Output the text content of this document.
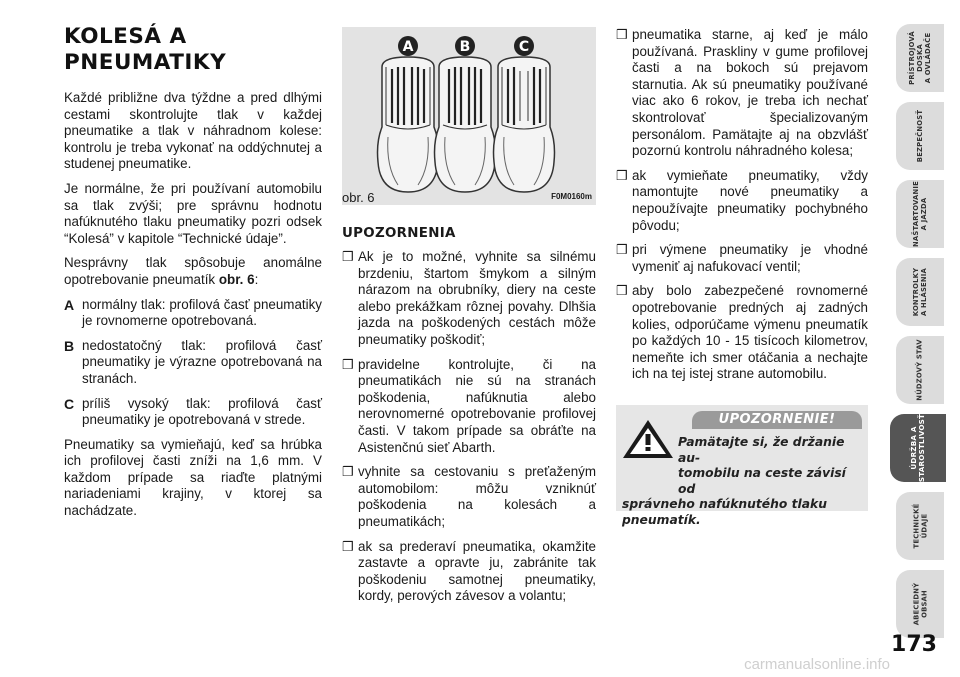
KOLESÁ A
PNEUMATIKY

Každé približne dva týždne a pred dlhými cestami skontrolujte tlak v každej pneumatike a tlak v náhradnom kolese: kontrolu je treba vykonať na oddýchnutej a studenej pneumatike.

Je normálne, že pri používaní automobilu sa tlak zvýši; pre správnu hodnotu nafúknutého tlaku pneumatiky pozri odsek “Kolesá” v kapitole “Technické údaje”.

Nesprávny tlak spôsobuje anomálne opotrebovanie pneumatík obr. 6:

A normálny tlak: profilová časť pneumatiky je rovnomerne opotrebovaná.
B nedostatočný tlak: profilová časť pneumatiky je výrazne opotrebovaná na stranách.
C príliš vysoký tlak: profilová časť pneumatiky je opotrebovaná v strede.

Pneumatiky sa vymieňajú, keď sa hrúbka ich profilovej časti zníži na 1,6 mm. V každom prípade sa riaďte platnými nariadeniami krajiny, v ktorej sa nachádzate.

A	B	C
obr. 6	F0M0160m
UPOZORNENIA
❒ Ak je to možné, vyhnite sa silnému brzdeniu, štartom šmykom a silným nárazom na obrubníky, diery na ceste alebo prekážkam rôznej povahy. Dlhšia jazda na poškodených cestách môže pneumatiky poškodiť;
❒ pravidelne kontrolujte, či na pneumatikách nie sú na stranách poškodenia, nafúknutia alebo nerovnomerné opotrebovanie profilovej časti. V takom prípade sa obráťte na Asistenčnú sieť Abarth.
❒ vyhnite sa cestovaniu s preťaženým automobilom: môžu vzniknúť poškodenia na kolesách a pneumatikách;
❒ ak sa prederaví pneumatika, okamžite zastavte a opravte ju, zabránite tak poškodeniu samotnej pneumatiky, kordy, perových závesov a volantu;
❒ pneumatika starne, aj keď je málo používaná. Praskliny v gume profilovej časti a na bokoch sú prejavom starnutia. Ak sú pneumatiky používané viac ako 6 rokov, je treba ich nechať skontrolovať špecializovaným personálom. Pamätajte aj na obzvlášť pozornú kontrolu náhradného kolesa;
❒ ak vymieňate pneumatiky, vždy namontujte nové pneumatiky a nepoužívajte pneumatiky pochybného pôvodu;
❒ pri výmene pneumatiky je vhodné vymeniť aj nafukovací ventil;
❒ aby bolo zabezpečené rovnomerné opotrebovanie predných aj zadných kolies, odporúčame výmenu pneumatík po každých 10 - 15 tisícoch kilometrov, nemeňte ich smer otáčania a nechajte ich na tej istej strane automobilu.
UPOZORNENIE!
Pamätajte si, že držanie au-
tomobilu na ceste závisí od
správneho nafúknutého tlaku pneumatík.
PRÍSTROJOVÁ
DOSKA
A OVLÁDAČE
BEZPEČNOSŤ
NAŠTARTOVANIE
A JAZDA
KONTROLKY
A HLÁSENIA
NÚDZOVÝ STAV
ÚDRŽBA A
STAROSTLIVOSŤ
TECHNICKÉ
ÚDAJE
ABECEDNÝ
OBSAH
173
carmanualsonline.info
